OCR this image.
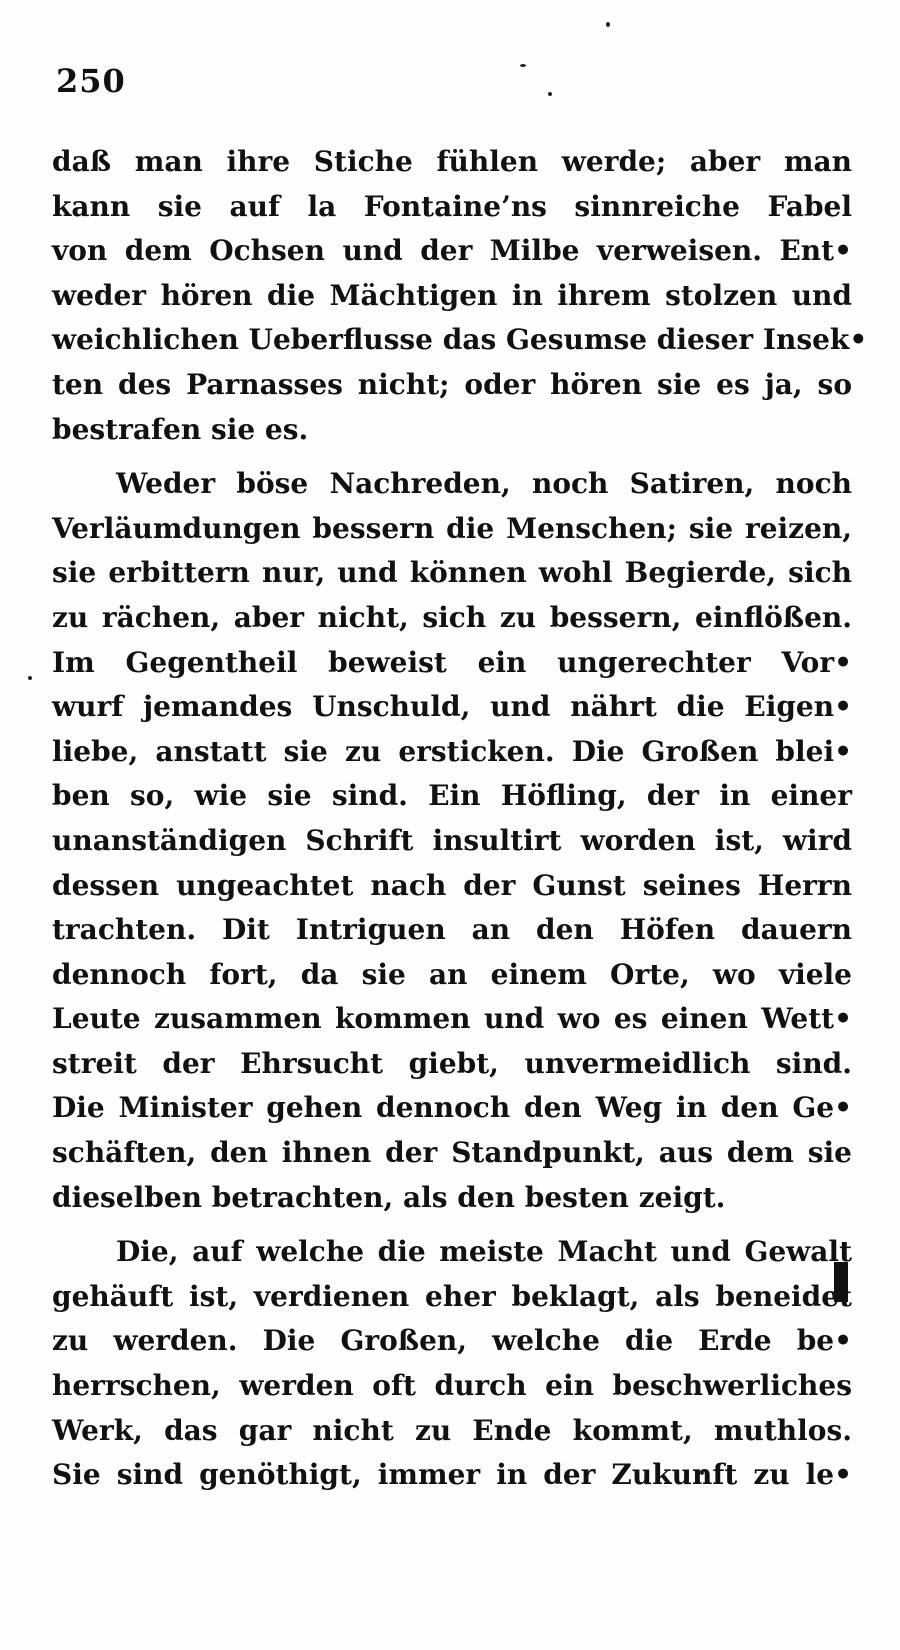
250
daß man ihre Stiche fühlen werde; aber man
kann sie auf la Fontaine’ns sinnreiche Fabel
von dem Ochsen und der Milbe verweisen. Ent•
weder hören die Mächtigen in ihrem stolzen und
weichlichen Ueberflusse das Gesumse dieser Insek•
ten des Parnasses nicht; oder hören sie es ja, so
bestrafen sie es.
Weder böse Nachreden, noch Satiren, noch
Verläumdungen bessern die Menschen; sie reizen,
sie erbittern nur, und können wohl Begierde, sich
zu rächen, aber nicht, sich zu bessern, einflößen.
Im Gegentheil beweist ein ungerechter Vor•
wurf jemandes Unschuld, und nährt die Eigen•
liebe, anstatt sie zu ersticken. Die Großen blei•
ben so, wie sie sind. Ein Höfling, der in einer
unanständigen Schrift insultirt worden ist, wird
dessen ungeachtet nach der Gunst seines Herrn
trachten. Dit Intriguen an den Höfen dauern
dennoch fort, da sie an einem Orte, wo viele
Leute zusammen kommen und wo es einen Wett•
streit der Ehrsucht giebt, unvermeidlich sind.
Die Minister gehen dennoch den Weg in den Ge•
schäften, den ihnen der Standpunkt, aus dem sie
dieselben betrachten, als den besten zeigt.
Die, auf welche die meiste Macht und Gewalt
gehäuft ist, verdienen eher beklagt, als beneidet
zu werden. Die Großen, welche die Erde be•
herrschen, werden oft durch ein beschwerliches
Werk, das gar nicht zu Ende kommt, muthlos.
Sie sind genöthigt, immer in der Zukunft zu le•
